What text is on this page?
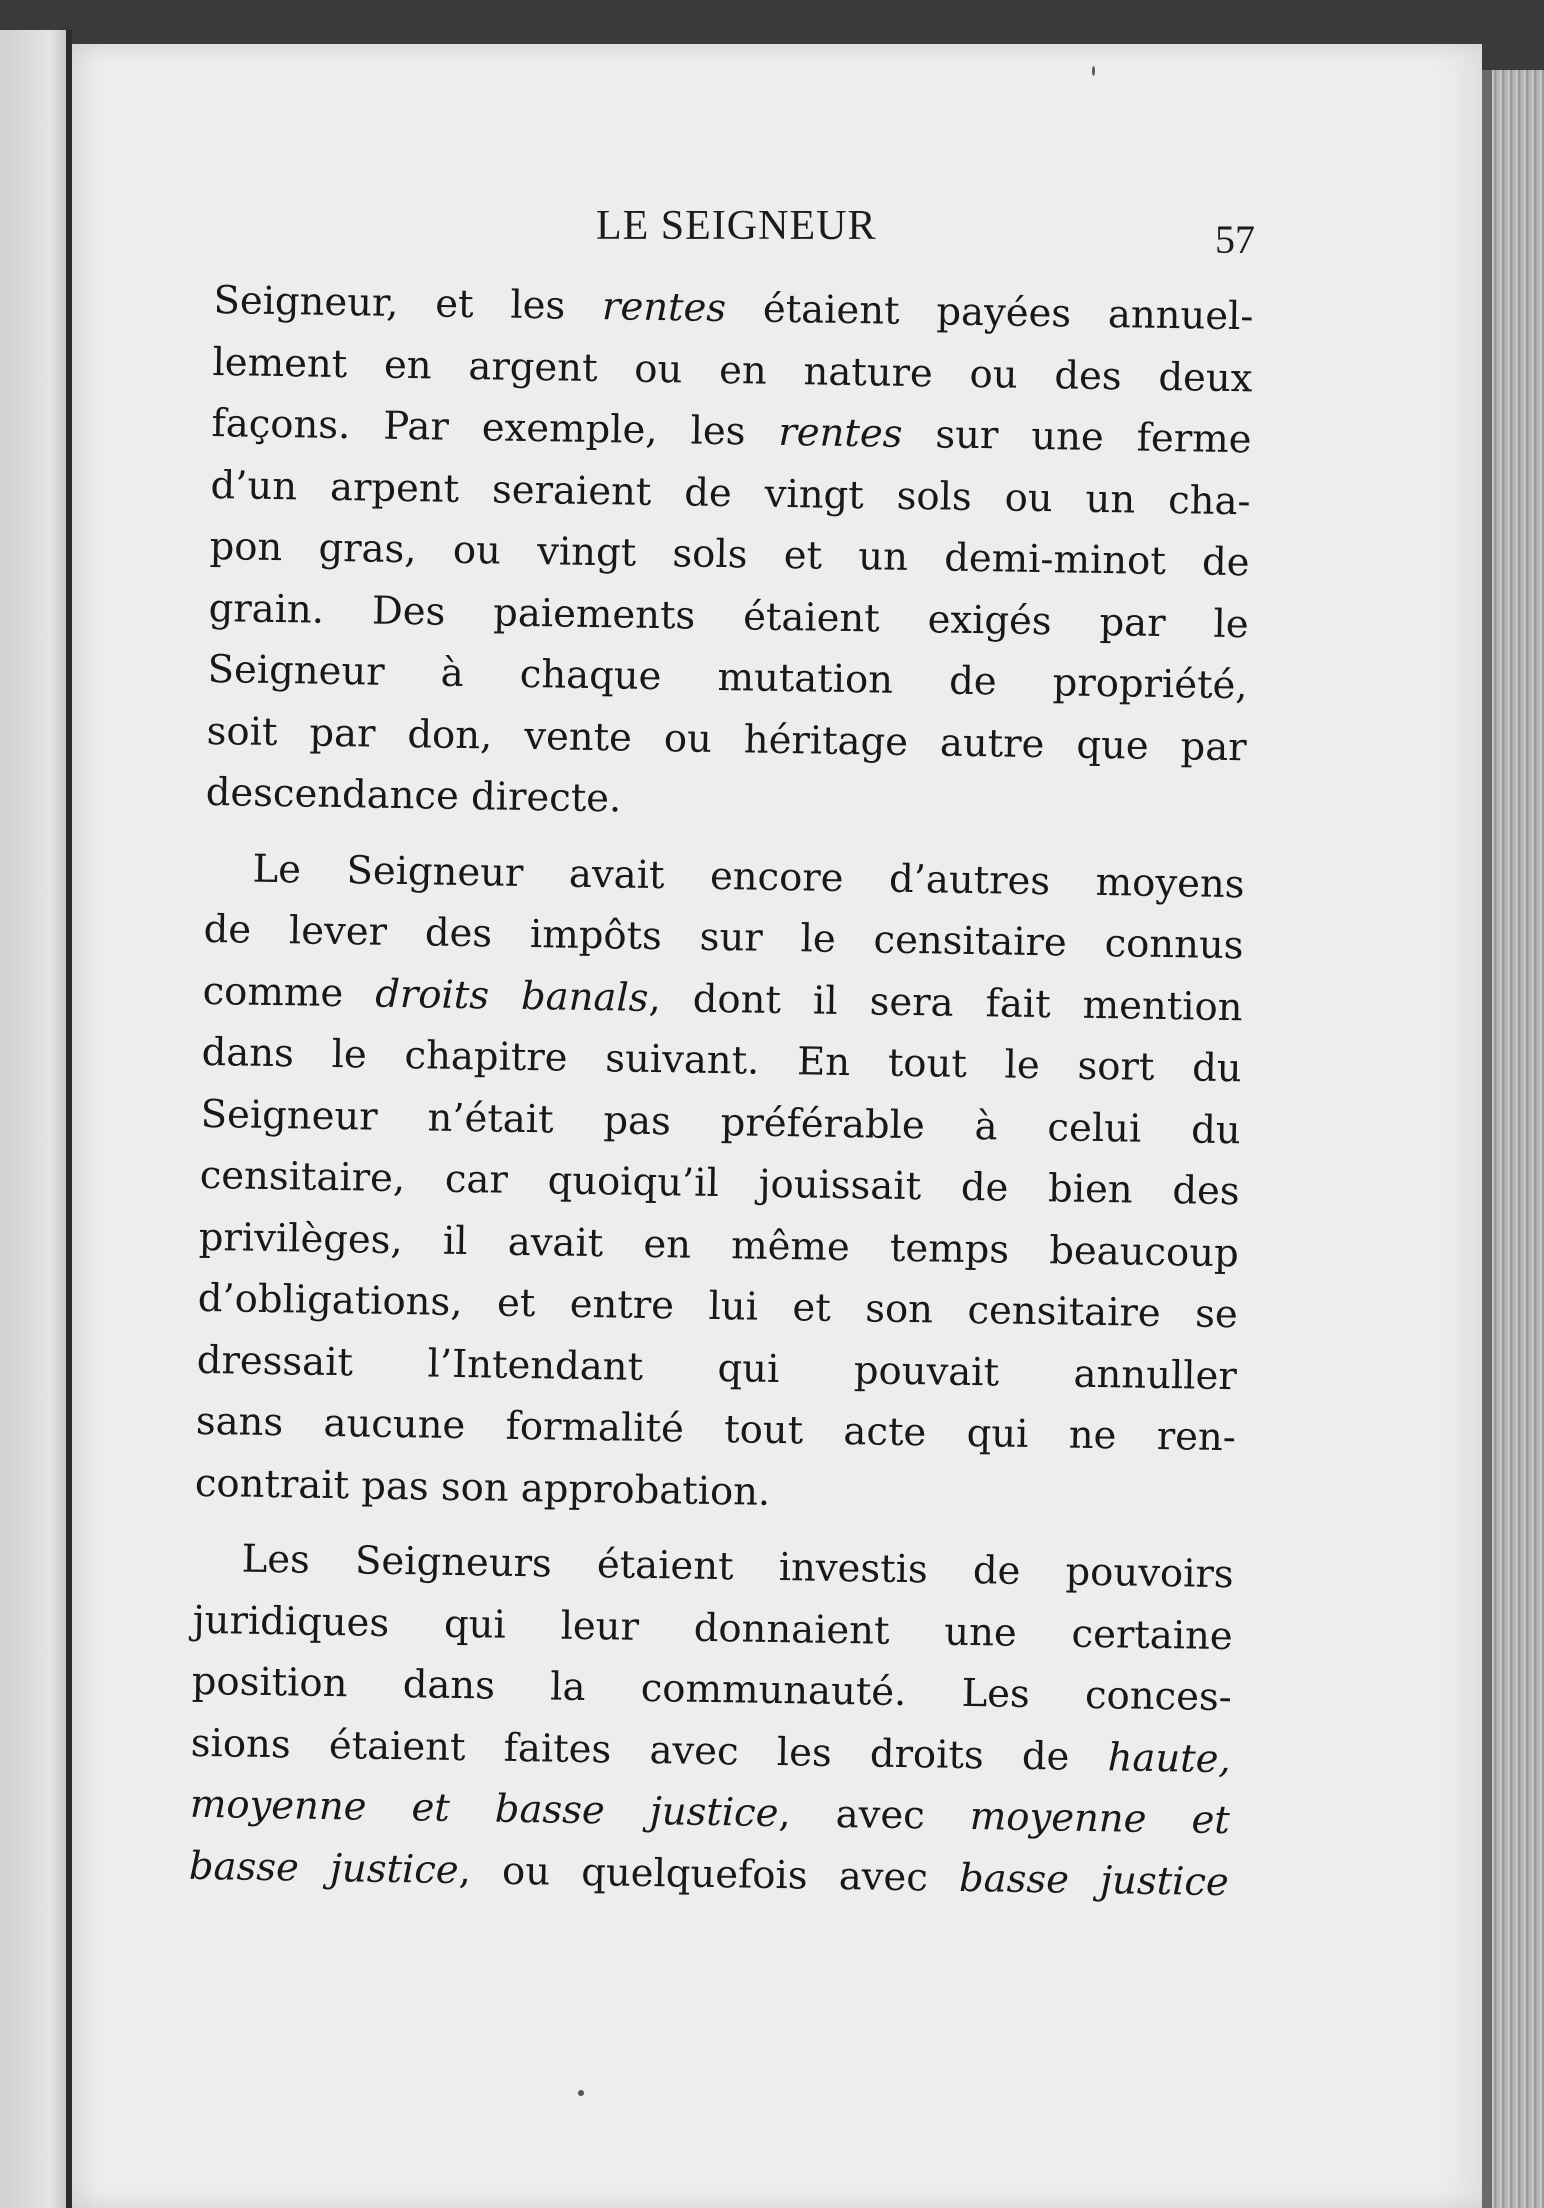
LE SEIGNEUR	57
Seigneur, et les rentes étaient payées annuel-
lement en argent ou en nature ou des deux
façons. Par exemple, les rentes sur une ferme
d’un arpent seraient de vingt sols ou un cha-
pon gras, ou vingt sols et un demi-minot de
grain. Des paiements étaient exigés par le
Seigneur à chaque mutation de propriété,
soit par don, vente ou héritage autre que par
descendance directe.
Le Seigneur avait encore d’autres moyens
de lever des impôts sur le censitaire connus
comme droits banals, dont il sera fait mention
dans le chapitre suivant. En tout le sort du
Seigneur n’était pas préférable à celui du
censitaire, car quoiqu’il jouissait de bien des
privilèges, il avait en même temps beaucoup
d’obligations, et entre lui et son censitaire se
dressait l’Intendant qui pouvait annuller
sans aucune formalité tout acte qui ne ren-
contrait pas son approbation.
Les Seigneurs étaient investis de pouvoirs
juridiques qui leur donnaient une certaine
position dans la communauté. Les conces-
sions étaient faites avec les droits de haute,
moyenne et basse justice, avec moyenne et
basse justice, ou quelquefois avec basse justice
